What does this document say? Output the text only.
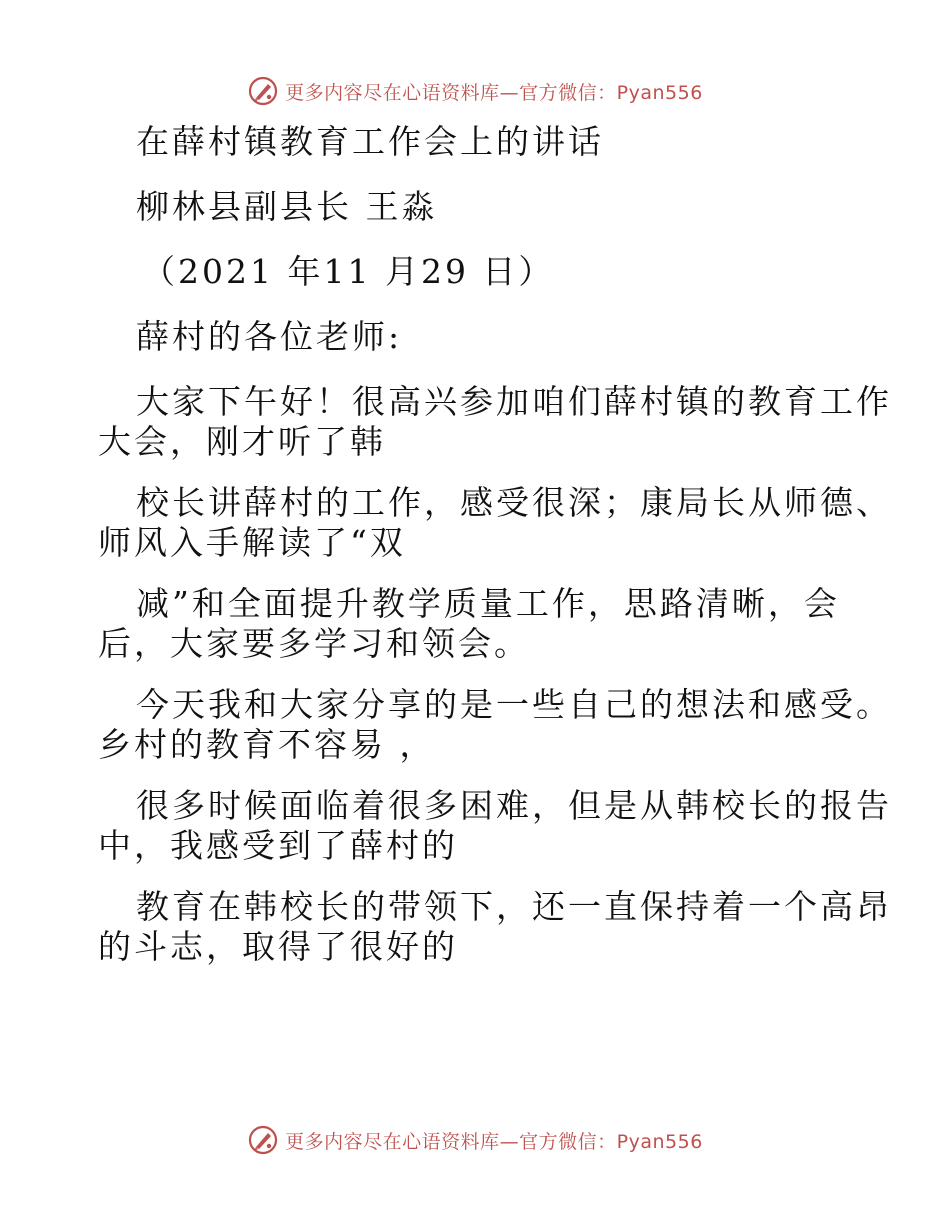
更多内容尽在心语资料库—官方微信：Pyan556
在薛村镇教育工作会上的讲话
柳林县副县长 王淼
（2021 年11 月29 日）
薛村的各位老师:
大家下午好！很高兴参加咱们薛村镇的教育工作
大会，刚才听了韩
校长讲薛村的工作，感受很深；康局长从师德、
师风入手解读了“双
减”和全面提升教学质量工作，思路清晰，会
后，大家要多学习和领会。
今天我和大家分享的是一些自己的想法和感受。
乡村的教育不容易 ，
很多时候面临着很多困难，但是从韩校长的报告
中，我感受到了薛村的
教育在韩校长的带领下，还一直保持着一个高昂
的斗志，取得了很好的
更多内容尽在心语资料库—官方微信：Pyan556
